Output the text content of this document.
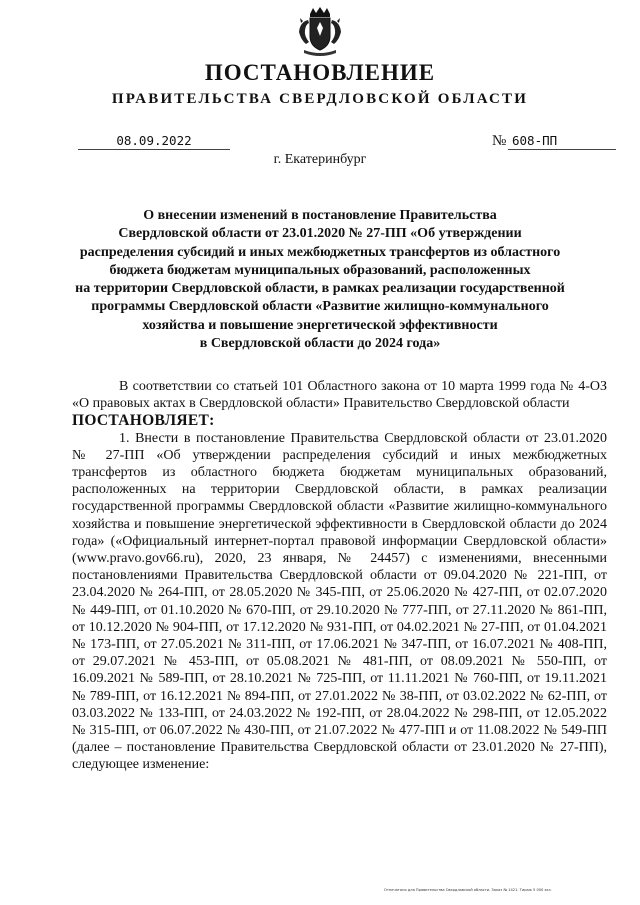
ПОСТАНОВЛЕНИЕ
ПРАВИТЕЛЬСТВА СВЕРДЛОВСКОЙ ОБЛАСТИ
08.09.2022	№ 608-ПП
г. Екатеринбург
О внесении изменений в постановление Правительства
Свердловской области от 23.01.2020 № 27-ПП «Об утверждении
распределения субсидий и иных межбюджетных трансфертов из областного
бюджета бюджетам муниципальных образований, расположенных
на территории Свердловской области, в рамках реализации государственной
программы Свердловской области «Развитие жилищно-коммунального
хозяйства и повышение энергетической эффективности
в Свердловской области до 2024 года»

В соответствии со статьей 101 Областного закона от 10 марта 1999 года № 4-ОЗ «О правовых актах в Свердловской области» Правительство Свердловской области

ПОСТАНОВЛЯЕТ:

1. Внести в постановление Правительства Свердловской области от 23.01.2020 № 27-ПП «Об утверждении распределения субсидий и иных межбюджетных трансфертов из областного бюджета бюджетам муниципальных образований, расположенных на территории Свердловской области, в рамках реализации государственной программы Свердловской области «Развитие жилищно-коммунального хозяйства и повышение энергетической эффективности в Свердловской области до 2024 года» («Официальный интернет-портал правовой информации Свердловской области» (www.pravo.gov66.ru), 2020, 23 января, № 24457) с изменениями, внесенными постановлениями Правительства Свердловской области от 09.04.2020 № 221-ПП, от 23.04.2020 № 264-ПП, от 28.05.2020 № 345-ПП, от 25.06.2020 № 427-ПП, от 02.07.2020 № 449-ПП, от 01.10.2020 № 670-ПП, от 29.10.2020 № 777-ПП, от 27.11.2020 № 861-ПП, от 10.12.2020 № 904-ПП, от 17.12.2020 № 931-ПП, от 04.02.2021 № 27-ПП, от 01.04.2021 № 173-ПП, от 27.05.2021 № 311-ПП, от 17.06.2021 № 347-ПП, от 16.07.2021 № 408-ПП, от 29.07.2021 № 453-ПП, от 05.08.2021 № 481-ПП, от 08.09.2021 № 550-ПП, от 16.09.2021 № 589-ПП, от 28.10.2021 № 725-ПП, от 11.11.2021 № 760-ПП, от 19.11.2021 № 789-ПП, от 16.12.2021 № 894-ПП, от 27.01.2022 № 38-ПП, от 03.02.2022 № 62-ПП, от 03.03.2022 № 133-ПП, от 24.03.2022 № 192-ПП, от 28.04.2022 № 298-ПП, от 12.05.2022 № 315-ПП, от 06.07.2022 № 430-ПП, от 21.07.2022 № 477-ПП и от 11.08.2022 № 549-ПП (далее – постановление Правительства Свердловской области от 23.01.2020 № 27-ПП), следующее изменение:

Отпечатано для Правительства Свердловской области. Заказ № 1421. Тираж 5 000 экз.
